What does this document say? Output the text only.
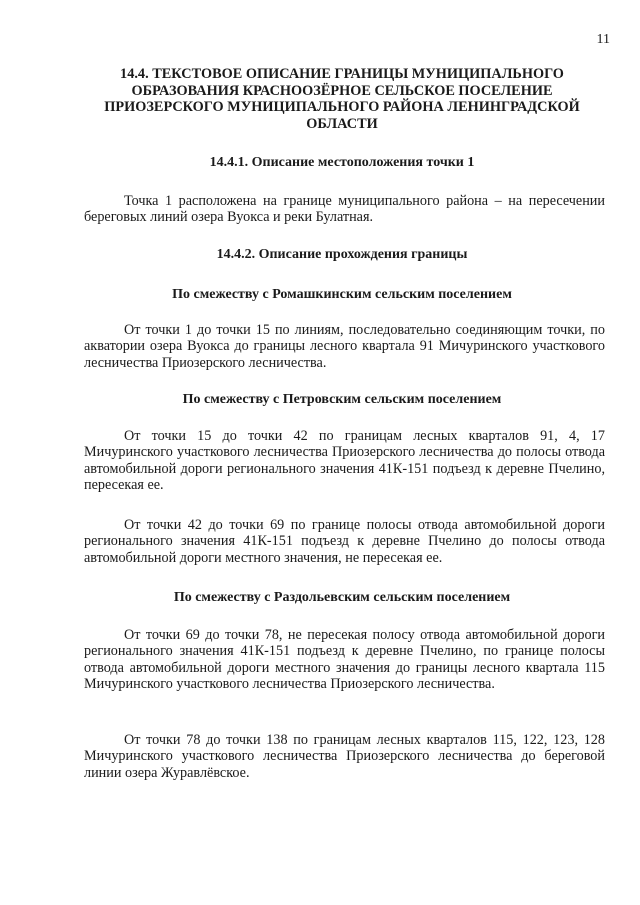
11
14.4. ТЕКСТОВОЕ ОПИСАНИЕ ГРАНИЦЫ МУНИЦИПАЛЬНОГО ОБРАЗОВАНИЯ КРАСНООЗЁРНОЕ СЕЛЬСКОЕ ПОСЕЛЕНИЕ ПРИОЗЕРСКОГО МУНИЦИПАЛЬНОГО РАЙОНА ЛЕНИНГРАДСКОЙ ОБЛАСТИ
14.4.1. Описание местоположения точки 1
Точка 1 расположена на границе муниципального района – на пересечении береговых линий озера Вуокса и реки Булатная.
14.4.2. Описание прохождения границы
По смежеству с Ромашкинским сельским поселением
От точки 1 до точки 15 по линиям, последовательно соединяющим точки, по акватории озера Вуокса до границы лесного квартала 91 Мичуринского участкового лесничества Приозерского лесничества.
По смежеству с Петровским сельским поселением
От точки 15 до точки 42 по границам лесных кварталов 91, 4, 17 Мичуринского участкового лесничества Приозерского лесничества до полосы отвода автомобильной дороги регионального значения 41К-151 подъезд к деревне Пчелино, пересекая ее.
От точки 42 до точки 69 по границе полосы отвода автомобильной дороги регионального значения 41К-151 подъезд к деревне Пчелино до полосы отвода автомобильной дороги местного значения, не пересекая ее.
По смежеству с Раздольевским сельским поселением
От точки 69 до точки 78, не пересекая полосу отвода автомобильной дороги регионального значения 41К-151 подъезд к деревне Пчелино, по границе полосы отвода автомобильной дороги местного значения до границы лесного квартала 115 Мичуринского участкового лесничества Приозерского лесничества.
От точки 78 до точки 138 по границам лесных кварталов 115, 122, 123, 128 Мичуринского участкового лесничества Приозерского лесничества до береговой линии озера Журавлёвское.
